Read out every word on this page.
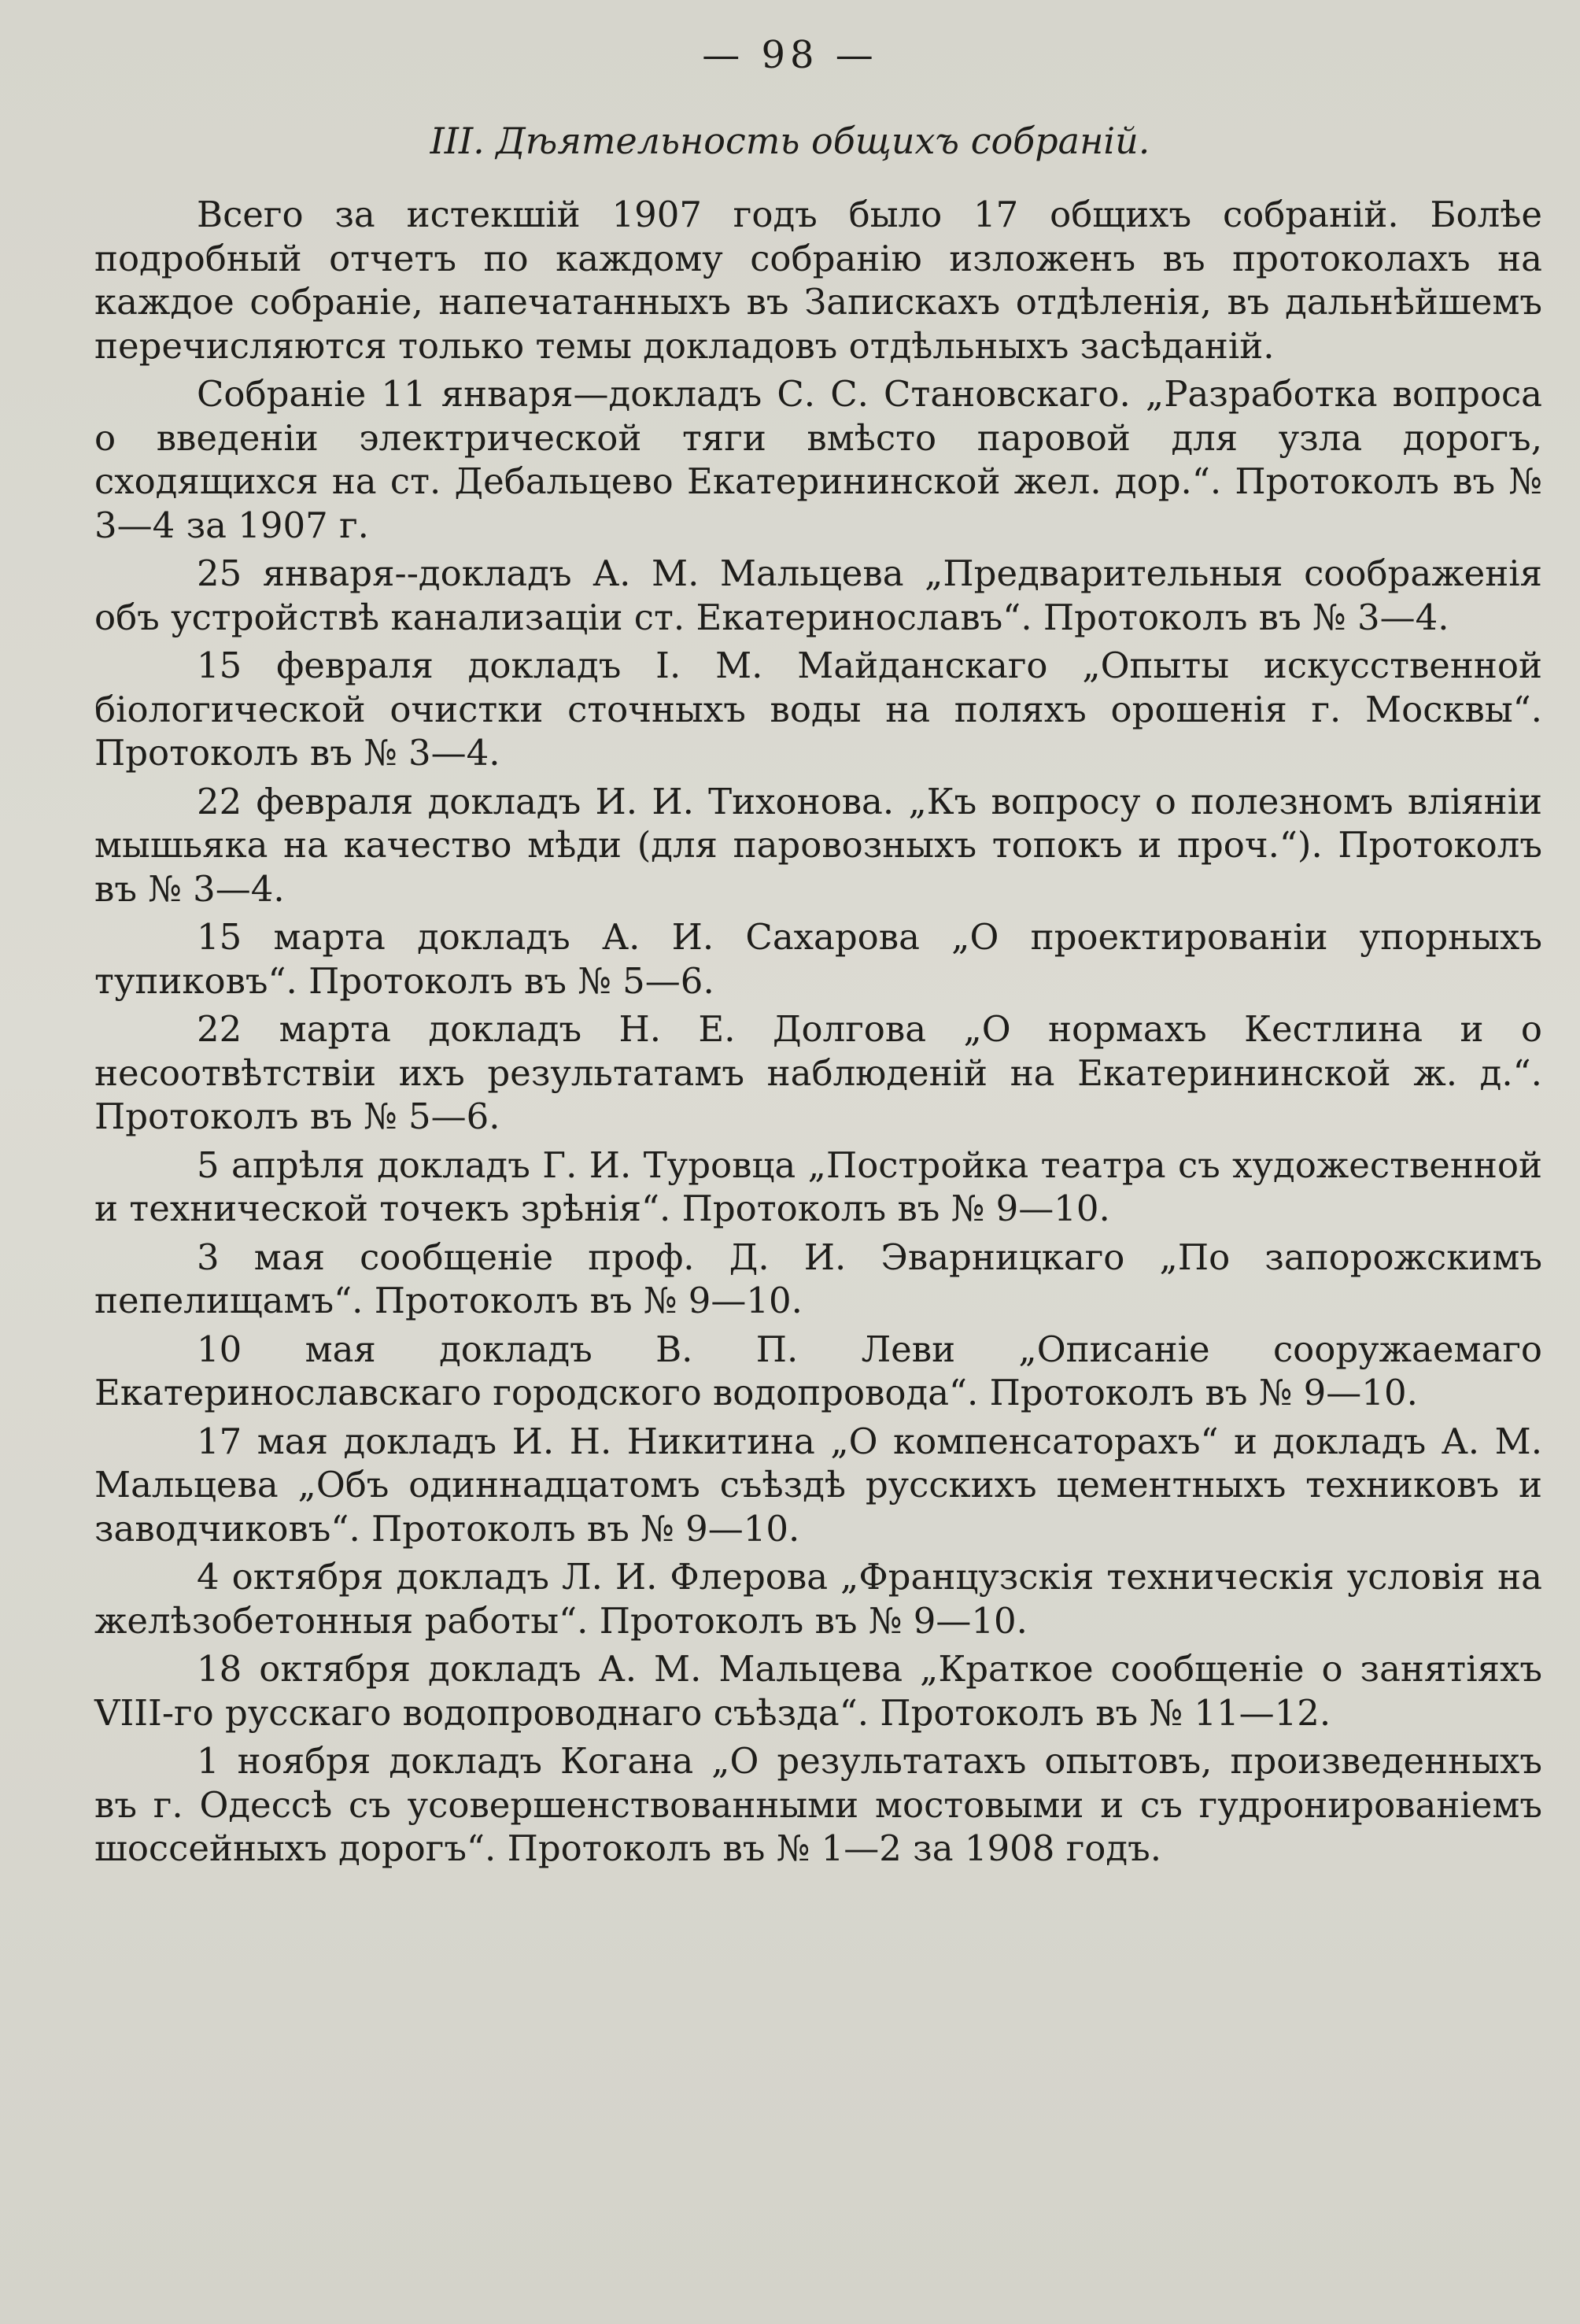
— 98 —
III. Дѣятельность общихъ собраній.

Всего за истекшій 1907 годъ было 17 общихъ собраній. Болѣе подробный отчетъ по каждому собранію изложенъ въ протоколахъ на каждое собраніе, напечатанныхъ въ Запискахъ отдѣленія, въ дальнѣйшемъ перечисляются только темы докладовъ отдѣльныхъ засѣданій.

Собраніе 11 января—докладъ С. С. Становскаго. „Разработка вопроса о введеніи электрической тяги вмѣсто паровой для узла дорогъ, сходящихся на ст. Дебальцево Екатерининской жел. дор.“. Протоколъ въ № 3—4 за 1907 г.

25 января--докладъ А. М. Мальцева „Предварительныя соображенія объ устройствѣ канализаціи ст. Екатеринославъ“. Протоколъ въ № 3—4.

15 февраля докладъ І. М. Майданскаго „Опыты искусственной біологической очистки сточныхъ воды на поляхъ орошенія г. Москвы“. Протоколъ въ № 3—4.

22 февраля докладъ И. И. Тихонова. „Къ вопросу о полезномъ вліяніи мышьяка на качество мѣди (для паровозныхъ топокъ и проч.“). Протоколъ въ № 3—4.

15 марта докладъ А. И. Сахарова „О проектированіи упорныхъ тупиковъ“. Протоколъ въ № 5—6.

22 марта докладъ Н. Е. Долгова „О нормахъ Кестлина и о несоотвѣтствіи ихъ результатамъ наблюденій на Екатерининской ж. д.“. Протоколъ въ № 5—6.

5 апрѣля докладъ Г. И. Туровца „Постройка театра съ художественной и технической точекъ зрѣнія“. Протоколъ въ № 9—10.

3 мая сообщеніе проф. Д. И. Эварницкаго „По запорожскимъ пепелищамъ“. Протоколъ въ № 9—10.

10 мая докладъ В. П. Леви „Описаніе сооружаемаго Екатеринославскаго городского водопровода“. Протоколъ въ № 9—10.

17 мая докладъ И. Н. Никитина „О компенсаторахъ“ и докладъ А. М. Мальцева „Объ одиннадцатомъ съѣздѣ русскихъ цементныхъ техниковъ и заводчиковъ“. Протоколъ въ № 9—10.

4 октября докладъ Л. И. Флерова „Французскія техническія условія на желѣзобетонныя работы“. Протоколъ въ № 9—10.

18 октября докладъ А. М. Мальцева „Краткое сообщеніе о занятіяхъ VIII-го русскаго водопроводнаго съѣзда“. Протоколъ въ № 11—12.

1 ноября докладъ Когана „О результатахъ опытовъ, произведенныхъ въ г. Одессѣ съ усовершенствованными мостовыми и съ гудронированіемъ шоссейныхъ дорогъ“. Протоколъ въ № 1—2 за 1908 годъ.
